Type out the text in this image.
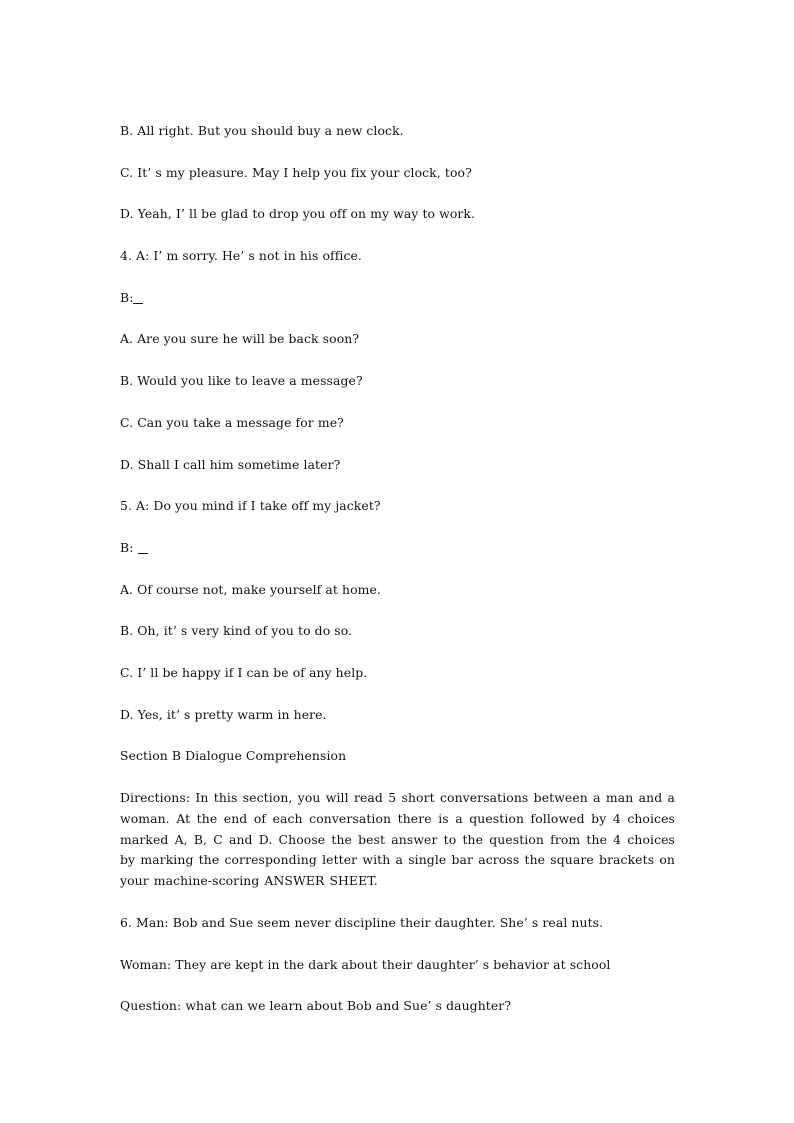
B. All right. But you should buy a new clock.
C. It’ s my pleasure. May I help you fix your clock, too?
D. Yeah, I’ ll be glad to drop you off on my way to work.
4. A: I’ m sorry. He’ s not in his office.
B:
A. Are you sure he will be back soon?
B. Would you like to leave a message?
C. Can you take a message for me?
D. Shall I call him sometime later?
5. A: Do you mind if I take off my jacket?
B:
A. Of course not, make yourself at home.
B. Oh, it’ s very kind of you to do so.
C. I’ ll be happy if I can be of any help.
D. Yes, it’ s pretty warm in here.
Section B Dialogue Comprehension
Directions: In this section, you will read 5 short conversations between a man and a woman. At the end of each conversation there is a question followed by 4 choices marked A, B, C and D. Choose the best answer to the question from the 4 choices by marking the corresponding letter with a single bar across the square brackets on your machine-scoring ANSWER SHEET.
6. Man: Bob and Sue seem never discipline their daughter. She’ s real nuts.
Woman: They are kept in the dark about their daughter’ s behavior at school
Question: what can we learn about Bob and Sue’ s daughter?
